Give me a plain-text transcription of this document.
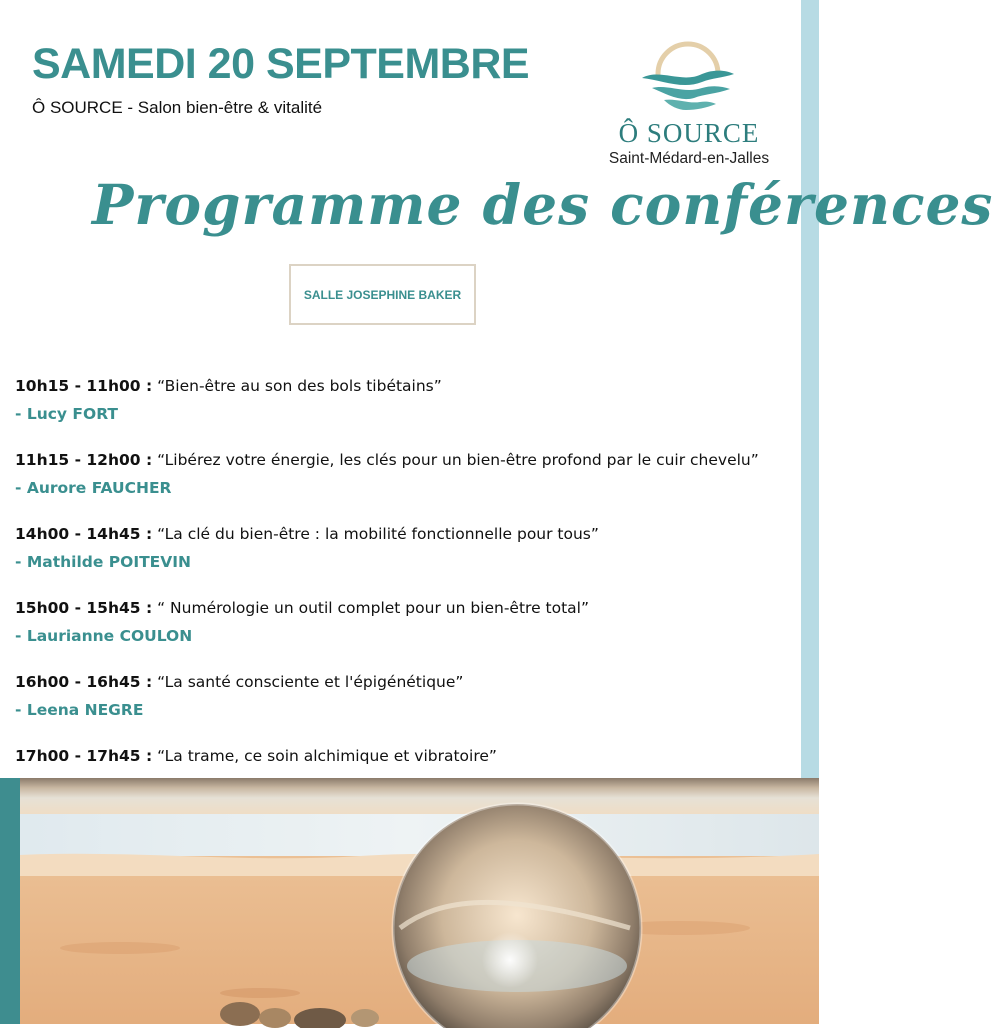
SAMEDI 20 SEPTEMBRE
Ô SOURCE - Salon bien-être & vitalité
Ô SOURCE
Saint-Médard-en-Jalles
Programme des conférences
SALLE JOSEPHINE BAKER
10h15 - 11h00 : “Bien-être au son des bols tibétains”
- Lucy FORT
11h15 - 12h00 : “Libérez votre énergie, les clés pour un bien-être profond par le cuir chevelu”
- Aurore FAUCHER
14h00 - 14h45 : “La clé du bien-être : la mobilité fonctionnelle pour tous”
- Mathilde POITEVIN
15h00 - 15h45 : “ Numérologie un outil complet pour un bien-être total”
- Laurianne COULON
16h00 - 16h45 : “La santé consciente et l'épigénétique”
- Leena NEGRE
17h00 - 17h45 : “La trame, ce soin alchimique et vibratoire”
